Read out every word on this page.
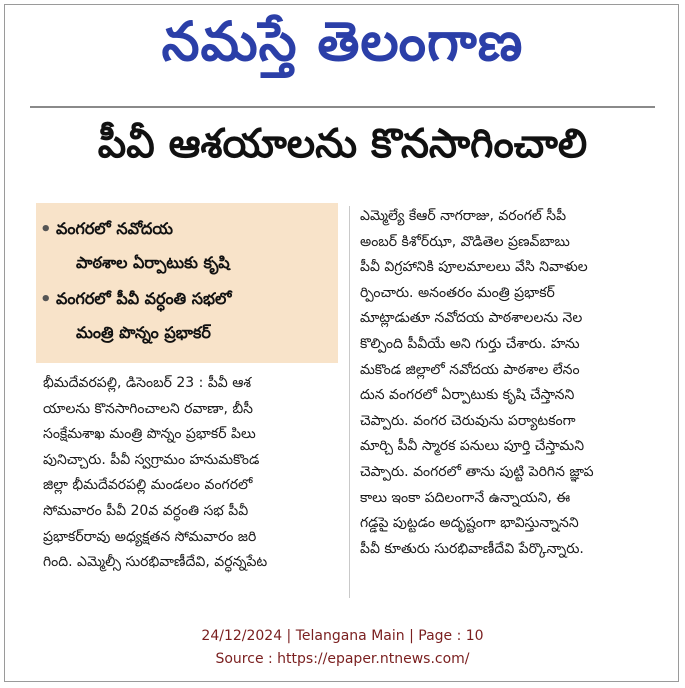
నమస్తే తెలంగాణ
పీవీ ఆశయాలను కొనసాగించాలి
• వంగరలో నవోదయ
పాఠశాల ఏర్పాటుకు కృషి
• వంగరలో పీవీ వర్ధంతి సభలో
మంత్రి పొన్నం ప్రభాకర్
భీమదేవరపల్లి, డిసెంబర్ 23 : పీవీ ఆశ
యాలను కొనసాగించాలని రవాణా, బీసీ
సంక్షేమశాఖ మంత్రి పొన్నం ప్రభాకర్ పిలు
పునిచ్చారు. పీవీ స్వగ్రామం హనుమకొండ
జిల్లా భీమదేవరపల్లి మండలం వంగరలో
సోమవారం పీవీ 20వ వర్ధంతి సభ పీవీ
ప్రభాకర్‌రావు అధ్యక్షతన సోమవారం జరి
గింది. ఎమ్మెల్సీ సురభివాణీదేవి, వర్ధన్నపేట
ఎమ్మెల్యే కేఆర్ నాగరాజు, వరంగల్ సీపీ
అంబర్ కిశోర్‌ఝా, వొడితెల ప్రణవ్‌బాబు
పీవీ విగ్రహానికి పూలమాలలు వేసి నివాళుల
ర్పించారు. అనంతరం మంత్రి ప్రభాకర్
మాట్లాడుతూ నవోదయ పాఠశాలలను నెల
కొల్పింది పీవీయే అని గుర్తు చేశారు. హను
మకొండ జిల్లాలో నవోదయ పాఠశాల లేనం
దున వంగరలో ఏర్పాటుకు కృషి చేస్తానని
చెప్పారు. వంగర చెరువును పర్యాటకంగా
మార్చి పీవీ స్మారక పనులు పూర్తి చేస్తామని
చెప్పారు. వంగరలో తాను పుట్టి పెరిగిన జ్ఞాప
కాలు ఇంకా పదిలంగానే ఉన్నాయని, ఈ
గడ్డపై పుట్టడం అదృష్టంగా భావిస్తున్నానని
పీవీ కూతురు సురభివాణీదేవి పేర్కొన్నారు.
24/12/2024 | Telangana Main | Page : 10
Source : https://epaper.ntnews.com/
